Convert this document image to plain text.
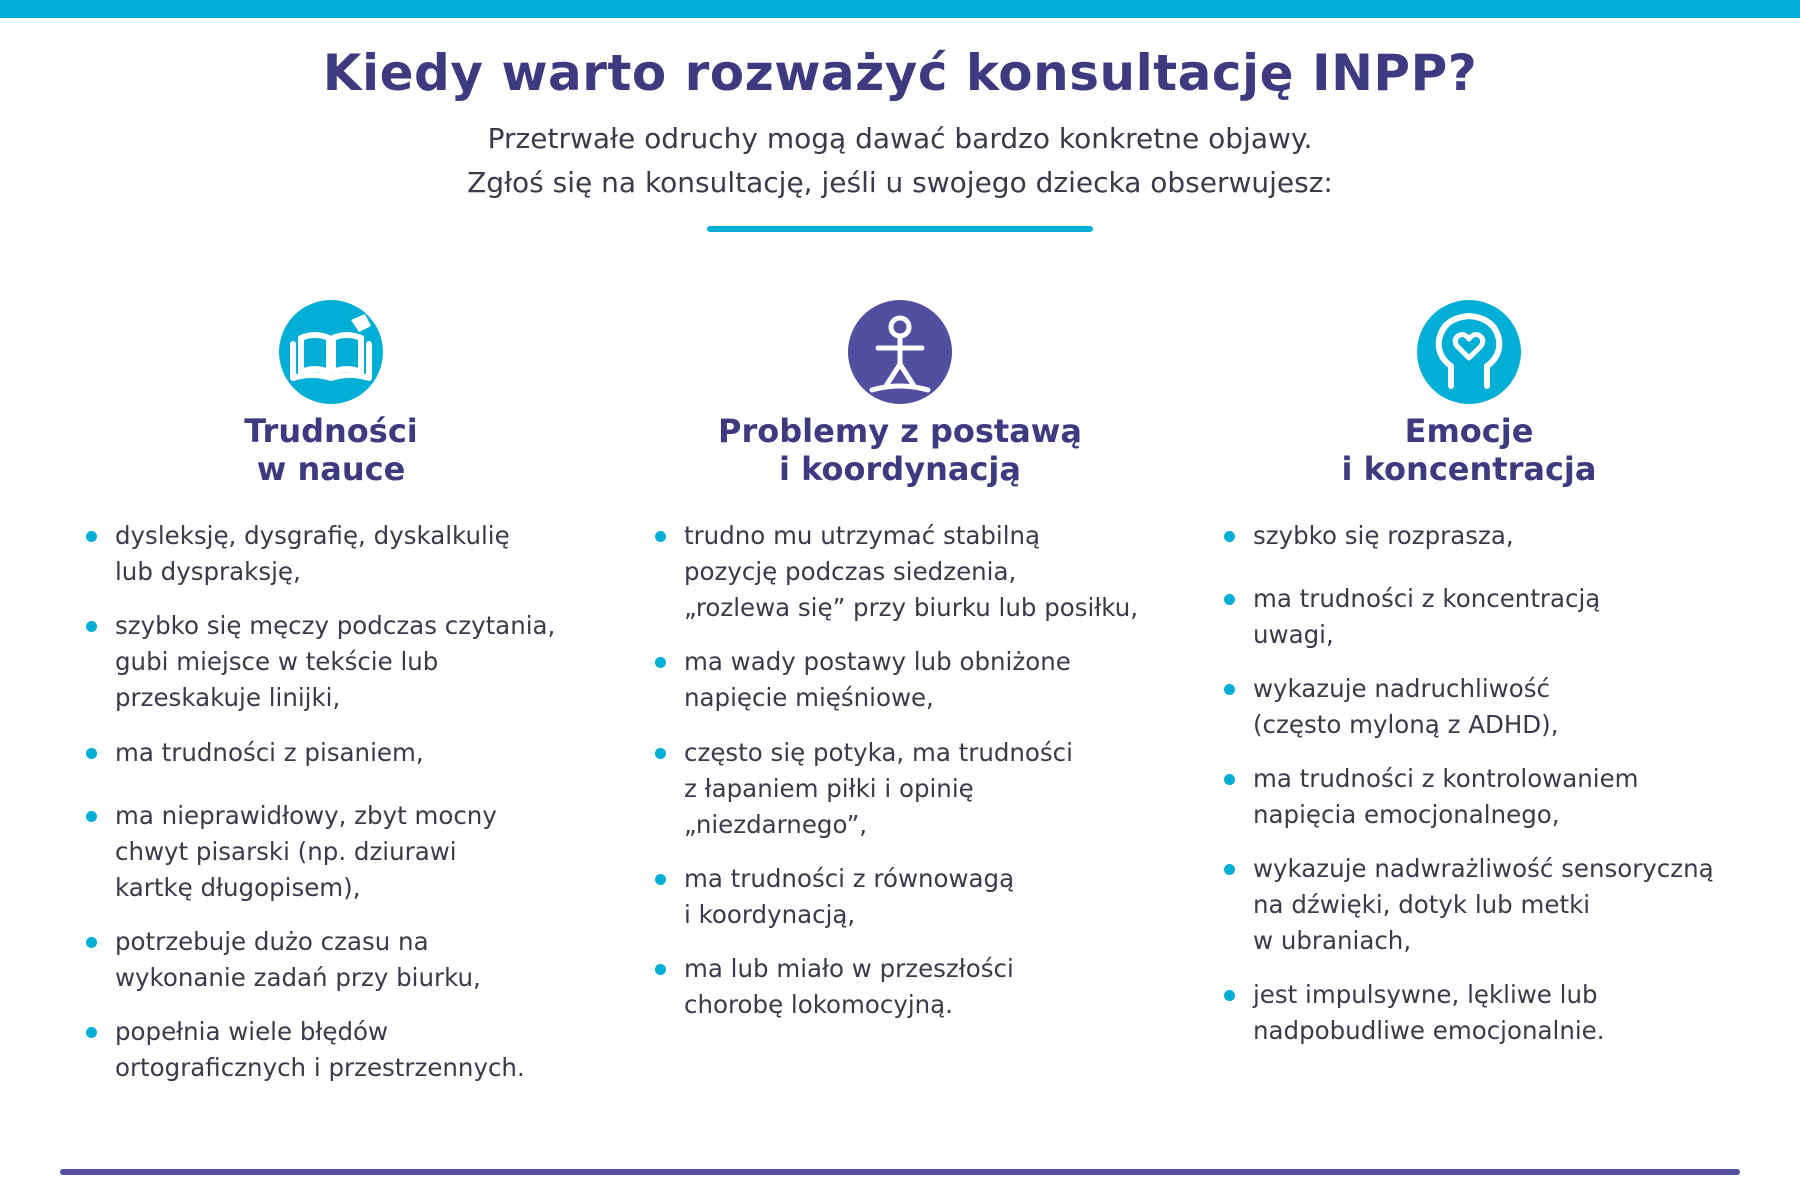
Kiedy warto rozważyć konsultację INPP?

Przetrwałe odruchy mogą dawać bardzo konkretne objawy.

Zgłoś się na konsultację, jeśli u swojego dziecka obserwujesz:

Trudności
w nauce
dysleksję, dysgrafię, dyskalkulię
lub dyspraksję,
szybko się męczy podczas czytania,
gubi miejsce w tekście lub
przeskakuje linijki,
ma trudności z pisaniem,
ma nieprawidłowy, zbyt mocny
chwyt pisarski (np. dziurawi
kartkę długopisem),
potrzebuje dużo czasu na
wykonanie zadań przy biurku,
popełnia wiele błędów
ortograficznych i przestrzennych.
Problemy z postawą
i koordynacją
trudno mu utrzymać stabilną
pozycję podczas siedzenia,
„rozlewa się” przy biurku lub posiłku,
ma wady postawy lub obniżone
napięcie mięśniowe,
często się potyka, ma trudności
z łapaniem piłki i opinię
„niezdarnego”,
ma trudności z równowagą
i koordynacją,
ma lub miało w przeszłości
chorobę lokomocyjną.
Emocje
i koncentracja
szybko się rozprasza,
ma trudności z koncentracją
uwagi,
wykazuje nadruchliwość
(często myloną z ADHD),
ma trudności z kontrolowaniem
napięcia emocjonalnego,
wykazuje nadwrażliwość sensoryczną
na dźwięki, dotyk lub metki
w ubraniach,
jest impulsywne, lękliwe lub
nadpobudliwe emocjonalnie.
